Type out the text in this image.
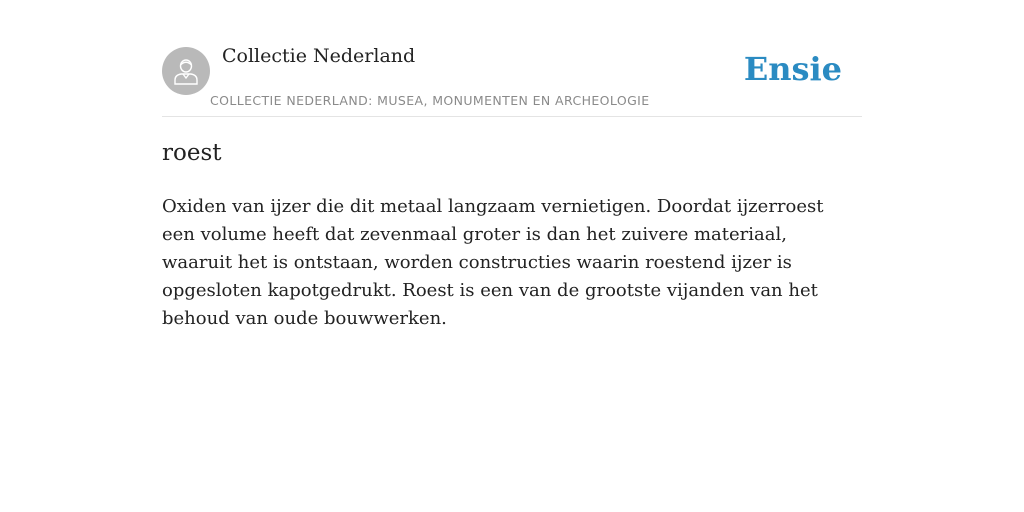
Collectie Nederland
COLLECTIE NEDERLAND: MUSEA, MONUMENTEN EN ARCHEOLOGIE
Ensie
roest

Oxiden van ijzer die dit metaal langzaam vernietigen. Doordat ijzerroest een volume heeft dat zevenmaal groter is dan het zuivere materiaal, waaruit het is ontstaan, worden constructies waarin roestend ijzer is opgesloten kapotgedrukt. Roest is een van de grootste vijanden van het behoud van oude bouwwerken.
